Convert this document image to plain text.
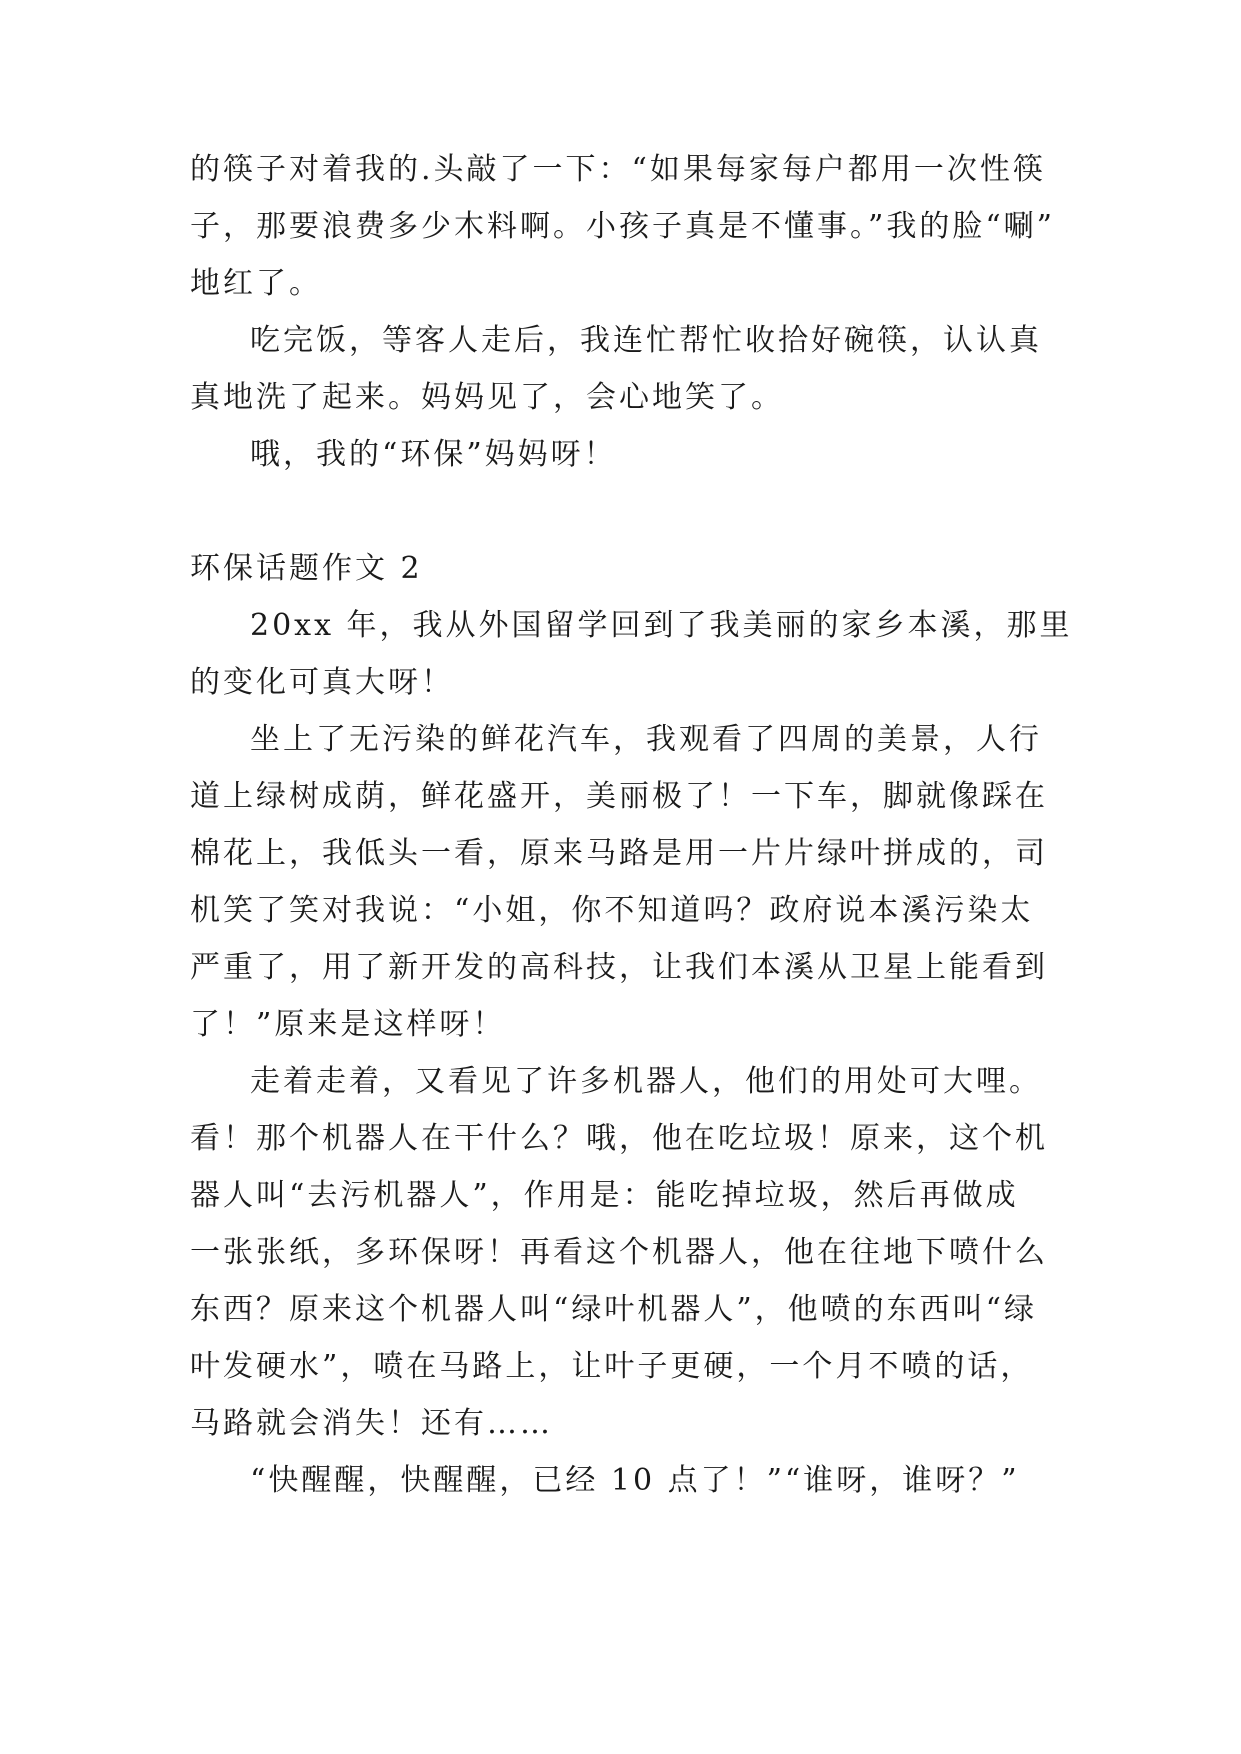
的筷子对着我的.头敲了一下：“如果每家每户都用一次性筷
子，那要浪费多少木料啊。小孩子真是不懂事。”我的脸“唰”
地红了。
吃完饭，等客人走后，我连忙帮忙收拾好碗筷，认认真
真地洗了起来。妈妈见了，会心地笑了。
哦，我的“环保”妈妈呀！
环保话题作文 2
20xx 年，我从外国留学回到了我美丽的家乡本溪，那里
的变化可真大呀！
坐上了无污染的鲜花汽车，我观看了四周的美景，人行
道上绿树成荫，鲜花盛开，美丽极了！一下车，脚就像踩在
棉花上，我低头一看，原来马路是用一片片绿叶拼成的，司
机笑了笑对我说：“小姐，你不知道吗？政府说本溪污染太
严重了，用了新开发的高科技，让我们本溪从卫星上能看到
了！”原来是这样呀！
走着走着，又看见了许多机器人，他们的用处可大哩。
看！那个机器人在干什么？哦，他在吃垃圾！原来，这个机
器人叫“去污机器人”，作用是：能吃掉垃圾，然后再做成
一张张纸，多环保呀！再看这个机器人，他在往地下喷什么
东西？原来这个机器人叫“绿叶机器人”，他喷的东西叫“绿
叶发硬水”，喷在马路上，让叶子更硬，一个月不喷的话，
马路就会消失！还有……
“快醒醒，快醒醒，已经 10 点了！”“谁呀，谁呀？”
